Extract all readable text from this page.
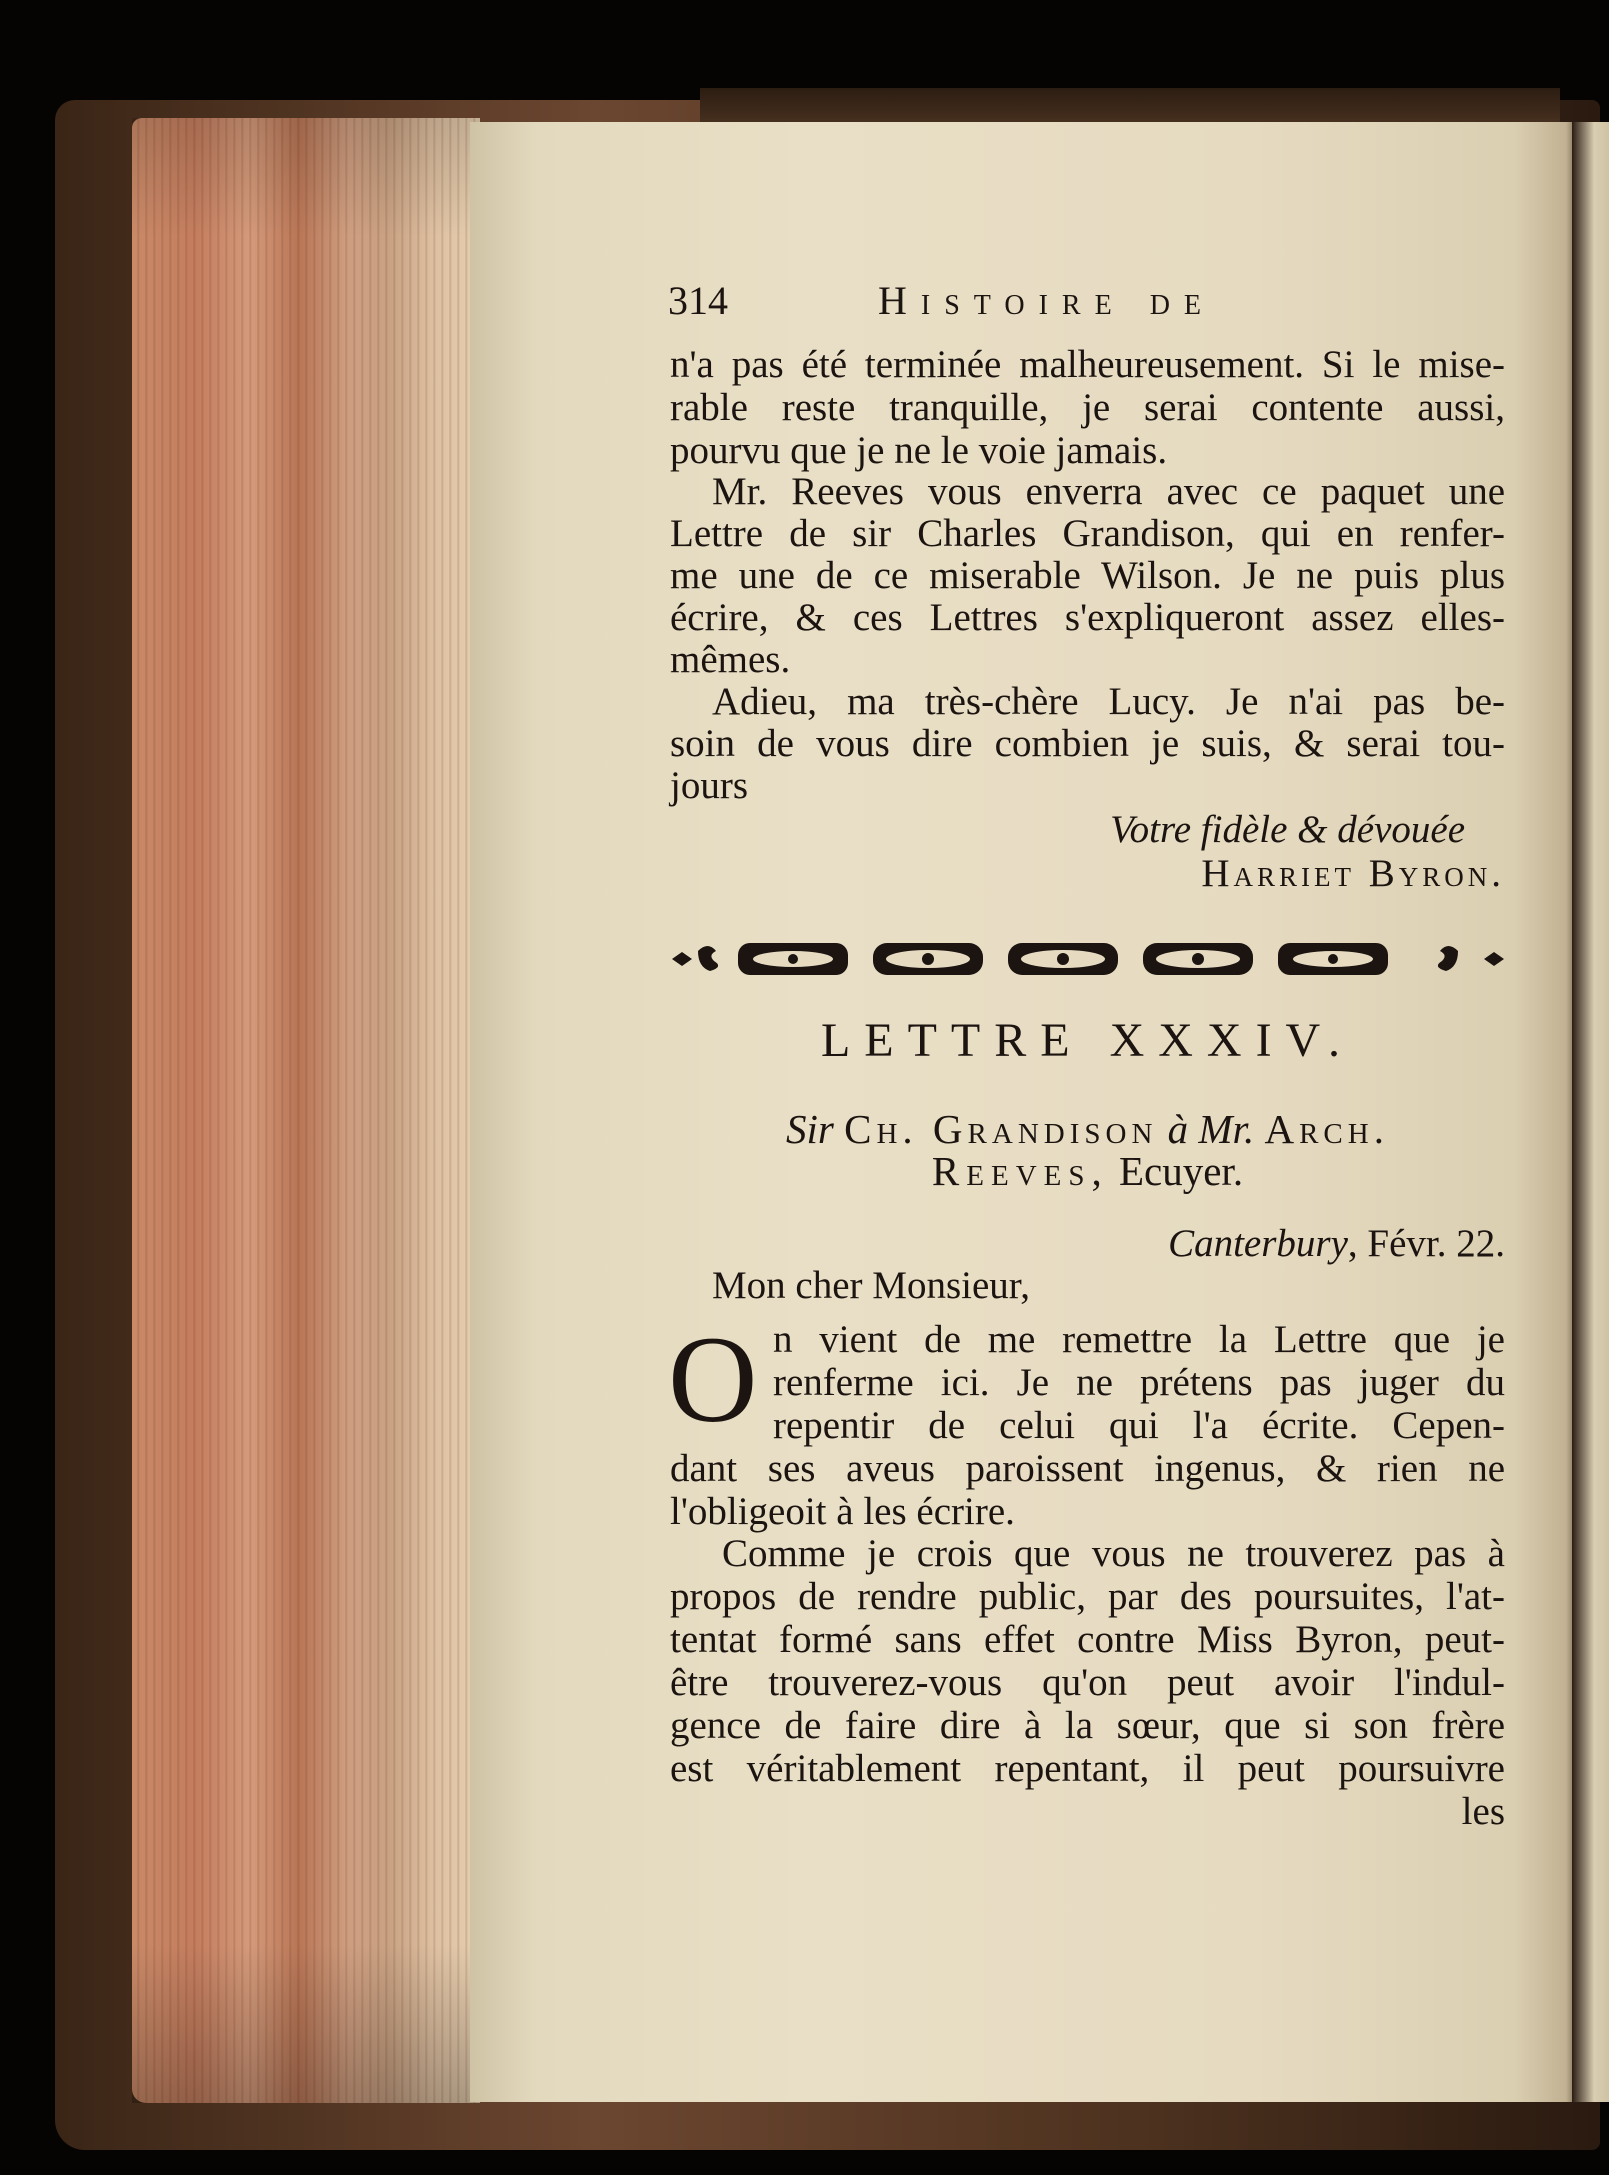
314	Histoire de

n'a pas été terminée malheureusement. Si le mise-

rable reste tranquille, je serai contente aussi,

pourvu que je ne le voie jamais.

Mr. Reeves vous enverra avec ce paquet une

Lettre de sir Charles Grandison, qui en renfer-

me une de ce miserable Wilson. Je ne puis plus

écrire, & ces Lettres s'expliqueront assez elles-

mêmes.

Adieu, ma très-chère Lucy. Je n'ai pas be-

soin de vous dire combien je suis, & serai tou-

jours

Votre fidèle & dévouée

Harriet Byron.

LETTRE XXXIV.

Sir Ch. Grandison à Mr. Arch.

Reeves, Ecuyer.

Canterbury, Févr. 22.

Mon cher Monsieur,

O n vient de me remettre la Lettre que je

renferme ici. Je ne prétens pas juger du

repentir de celui qui l'a écrite. Cepen-

dant ses aveus paroissent ingenus, & rien ne

l'obligeoit à les écrire.

Comme je crois que vous ne trouverez pas à

propos de rendre public, par des poursuites, l'at-

tentat formé sans effet contre Miss Byron, peut-

être trouverez-vous qu'on peut avoir l'indul-

gence de faire dire à la sœur, que si son frère

est véritablement repentant, il peut poursuivre

les
